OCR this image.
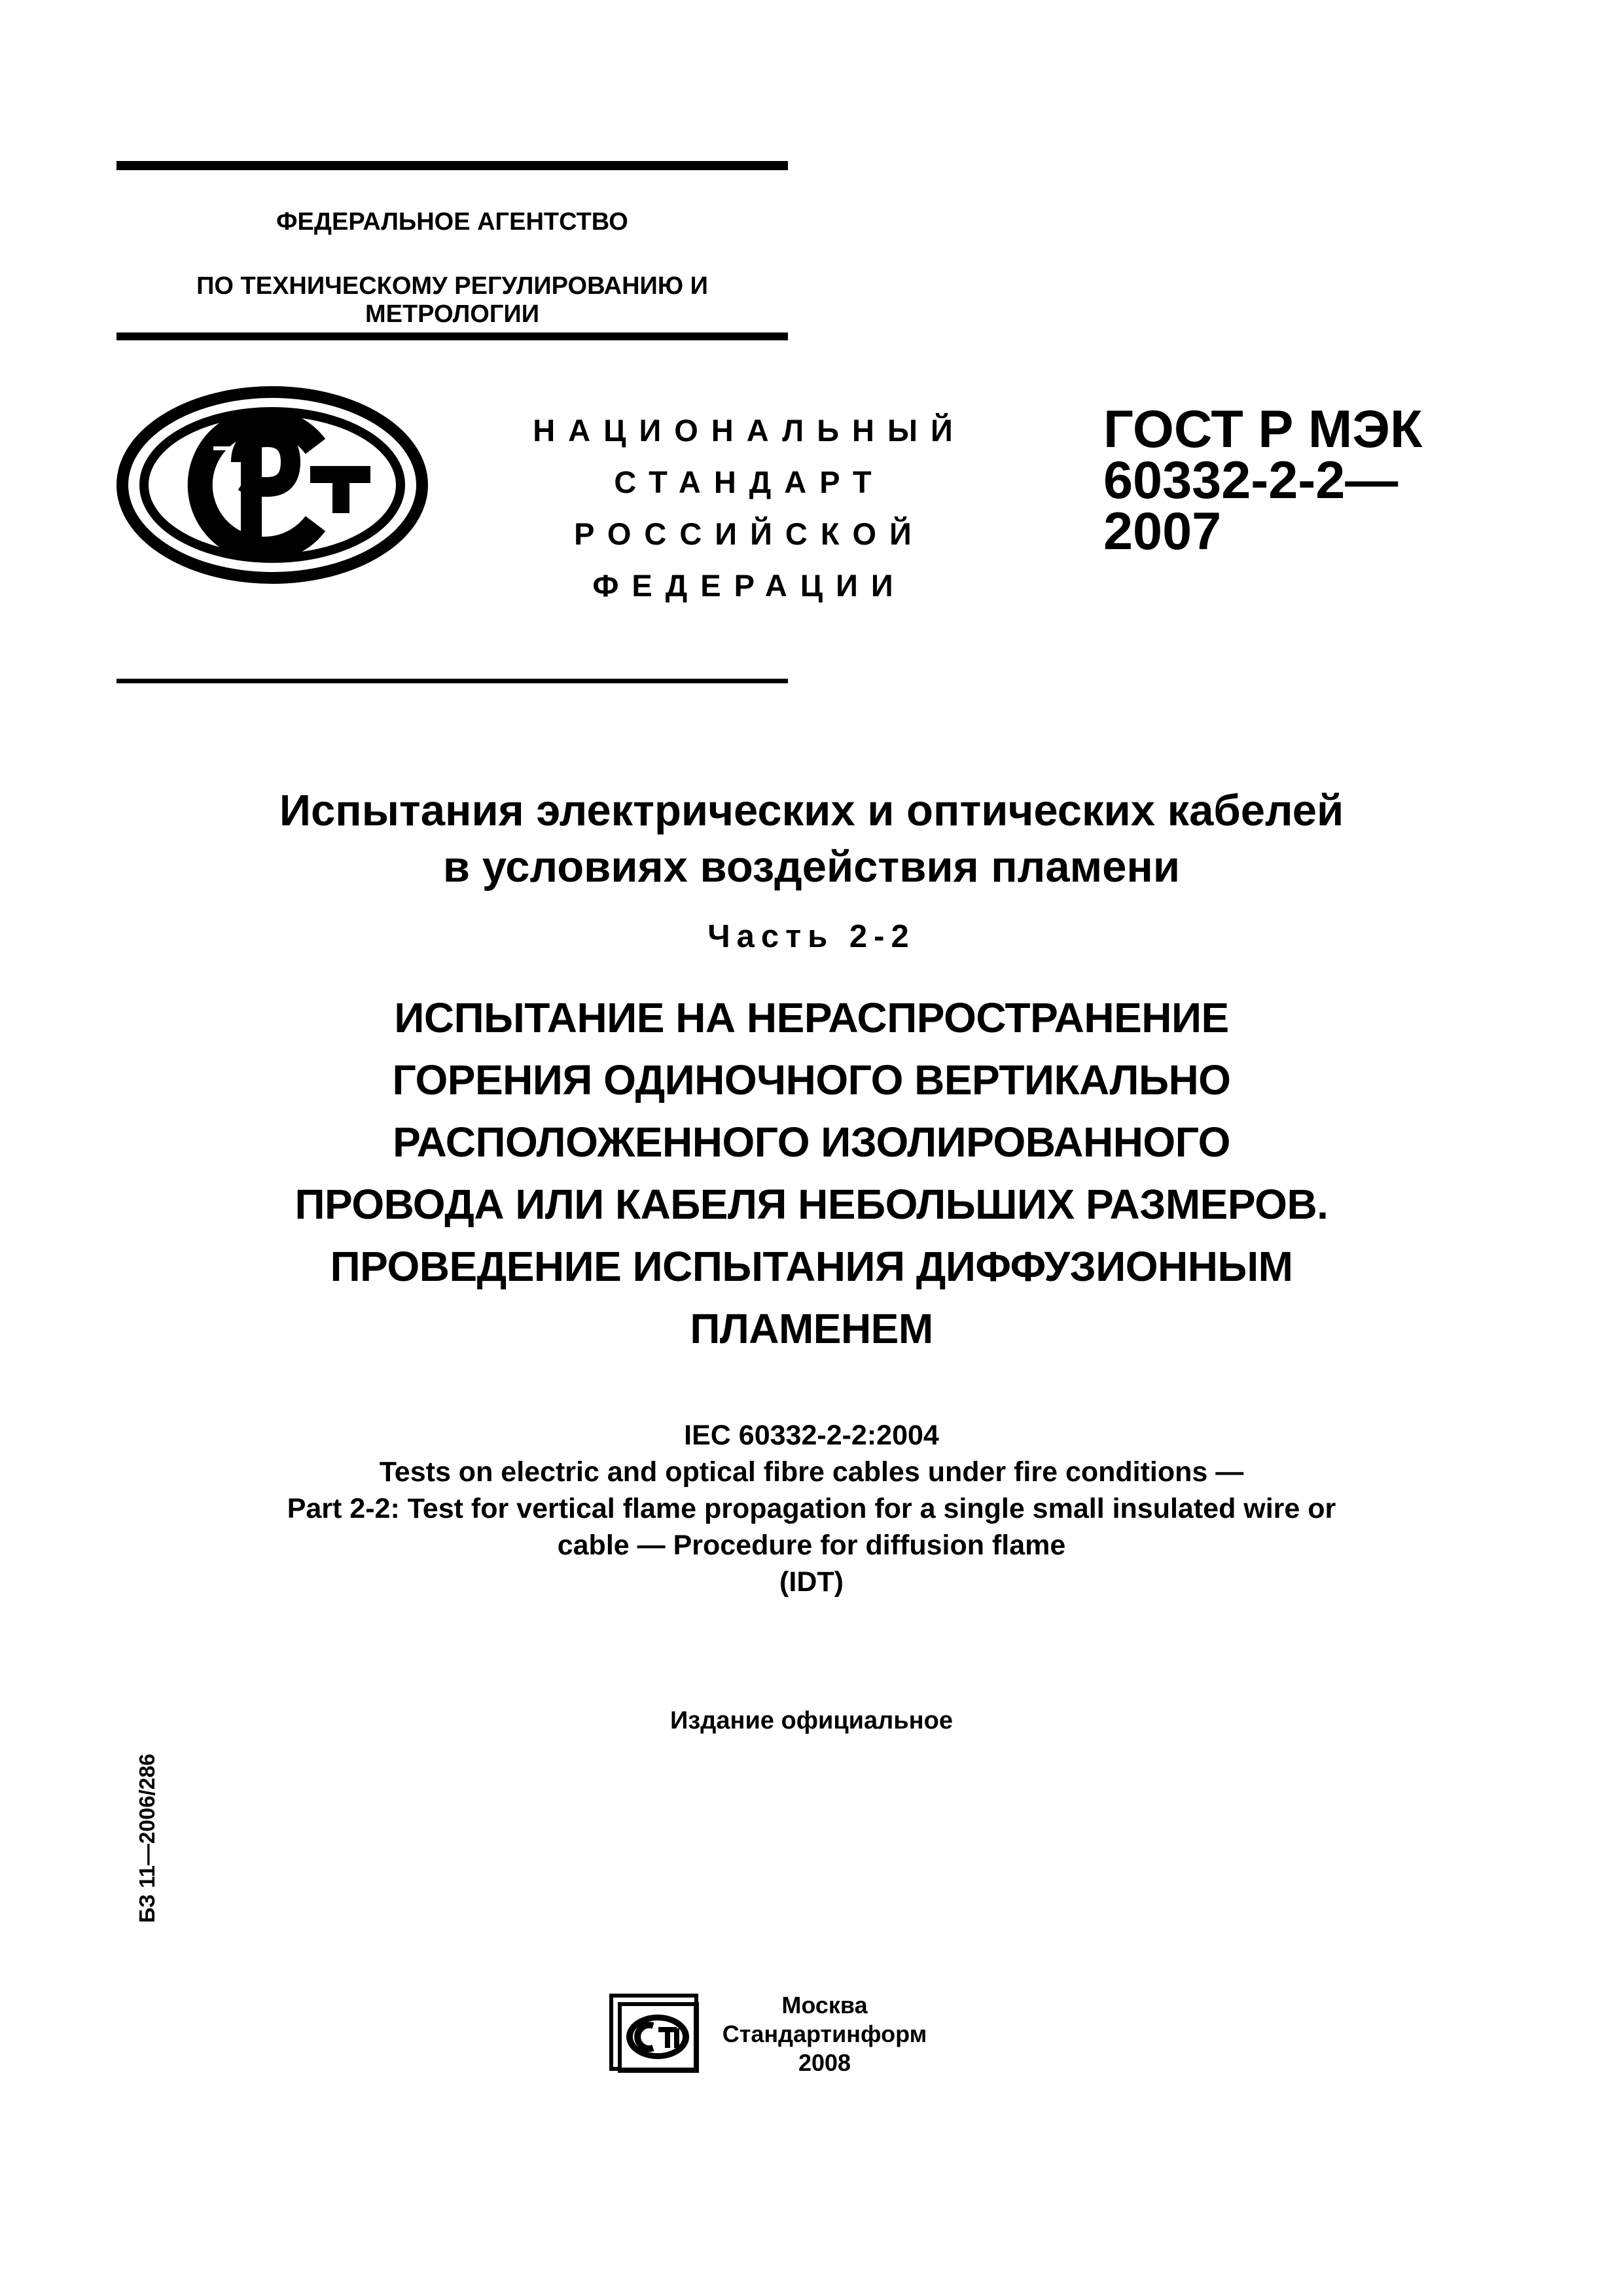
ФЕДЕРАЛЬНОЕ АГЕНТСТВО
ПО ТЕХНИЧЕСКОМУ РЕГУЛИРОВАНИЮ И МЕТРОЛОГИИ
НАЦИОНАЛЬНЫЙ
СТАНДАРТ
РОССИЙСКОЙ
ФЕДЕРАЦИИ
ГОСТ Р МЭК
60332-2-2—
2007
Испытания электрических и оптических кабелей
в условиях воздействия пламени
Часть 2-2
ИСПЫТАНИЕ НА НЕРАСПРОСТРАНЕНИЕ
ГОРЕНИЯ ОДИНОЧНОГО ВЕРТИКАЛЬНО
РАСПОЛОЖЕННОГО ИЗОЛИРОВАННОГО
ПРОВОДА ИЛИ КАБЕЛЯ НЕБОЛЬШИХ РАЗМЕРОВ.
ПРОВЕДЕНИЕ ИСПЫТАНИЯ ДИФФУЗИОННЫМ
ПЛАМЕНЕМ
IEC 60332-2-2:2004
Tests on electric and optical fibre cables under fire conditions —
Part 2-2: Test for vertical flame propagation for a single small insulated wire or
cable — Procedure for diffusion flame
(IDT)
Издание официальное
БЗ 11—2006/286
Москва
Стандартинформ
2008
